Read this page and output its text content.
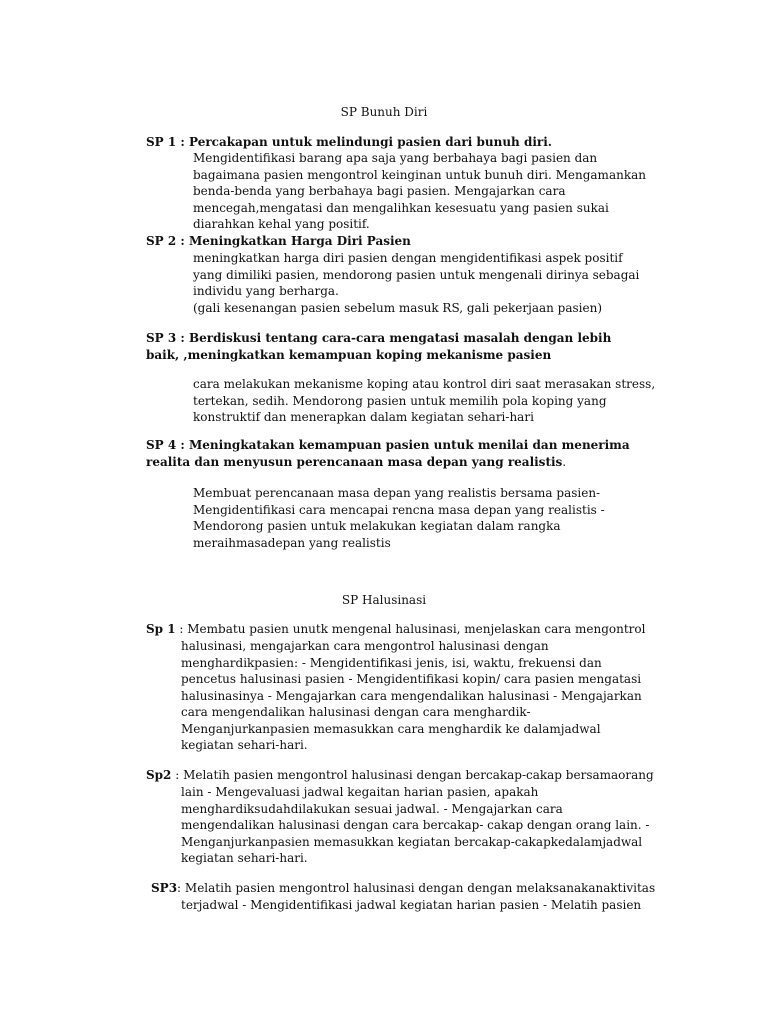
SP Bunuh Diri
SP 1 : Percakapan untuk melindungi pasien dari bunuh diri.
Mengidentifikasi barang apa saja yang berbahaya bagi pasien dan
bagaimana pasien mengontrol keinginan untuk bunuh diri. Mengamankan
benda-benda yang berbahaya bagi pasien. Mengajarkan cara
mencegah,mengatasi dan mengalihkan kesesuatu yang pasien sukai
diarahkan kehal yang positif.
SP 2 : Meningkatkan Harga Diri Pasien
meningkatkan harga diri pasien dengan mengidentifikasi aspek positif
yang dimiliki pasien, mendorong pasien untuk mengenali dirinya sebagai
individu yang berharga.
(gali kesenangan pasien sebelum masuk RS, gali pekerjaan pasien)
SP 3 : Berdiskusi tentang cara-cara mengatasi masalah dengan lebih
baik, ,meningkatkan kemampuan koping mekanisme pasien
cara melakukan mekanisme koping atau kontrol diri saat merasakan stress,
tertekan, sedih. Mendorong pasien untuk memilih pola koping yang
konstruktif dan menerapkan dalam kegiatan sehari-hari
SP 4 : Meningkatakan kemampuan pasien untuk menilai dan menerima
realita dan menyusun perencanaan masa depan yang realistis.
Membuat perencanaan masa depan yang realistis bersama pasien-
Mengidentifikasi cara mencapai rencna masa depan yang realistis -
Mendorong pasien untuk melakukan kegiatan dalam rangka
meraihmasadepan yang realistis
SP Halusinasi
Sp 1 : Membatu pasien unutk mengenal halusinasi, menjelaskan cara mengontrol
halusinasi, mengajarkan cara mengontrol halusinasi dengan
menghardikpasien: - Mengidentifikasi jenis, isi, waktu, frekuensi dan
pencetus halusinasi pasien - Mengidentifikasi kopin/ cara pasien mengatasi
halusinasinya - Mengajarkan cara mengendalikan halusinasi - Mengajarkan
cara mengendalikan halusinasi dengan cara menghardik-
Menganjurkanpasien memasukkan cara menghardik ke dalamjadwal
kegiatan sehari-hari.
Sp2 : Melatih pasien mengontrol halusinasi dengan bercakap-cakap bersamaorang
lain - Mengevaluasi jadwal kegaitan harian pasien, apakah
menghardiksudahdilakukan sesuai jadwal. - Mengajarkan cara
mengendalikan halusinasi dengan cara bercakap- cakap dengan orang lain. -
Menganjurkanpasien memasukkan kegiatan bercakap-cakapkedalamjadwal
kegiatan sehari-hari.
SP3: Melatih pasien mengontrol halusinasi dengan dengan melaksanakanaktivitas
terjadwal - Mengidentifikasi jadwal kegiatan harian pasien - Melatih pasien
